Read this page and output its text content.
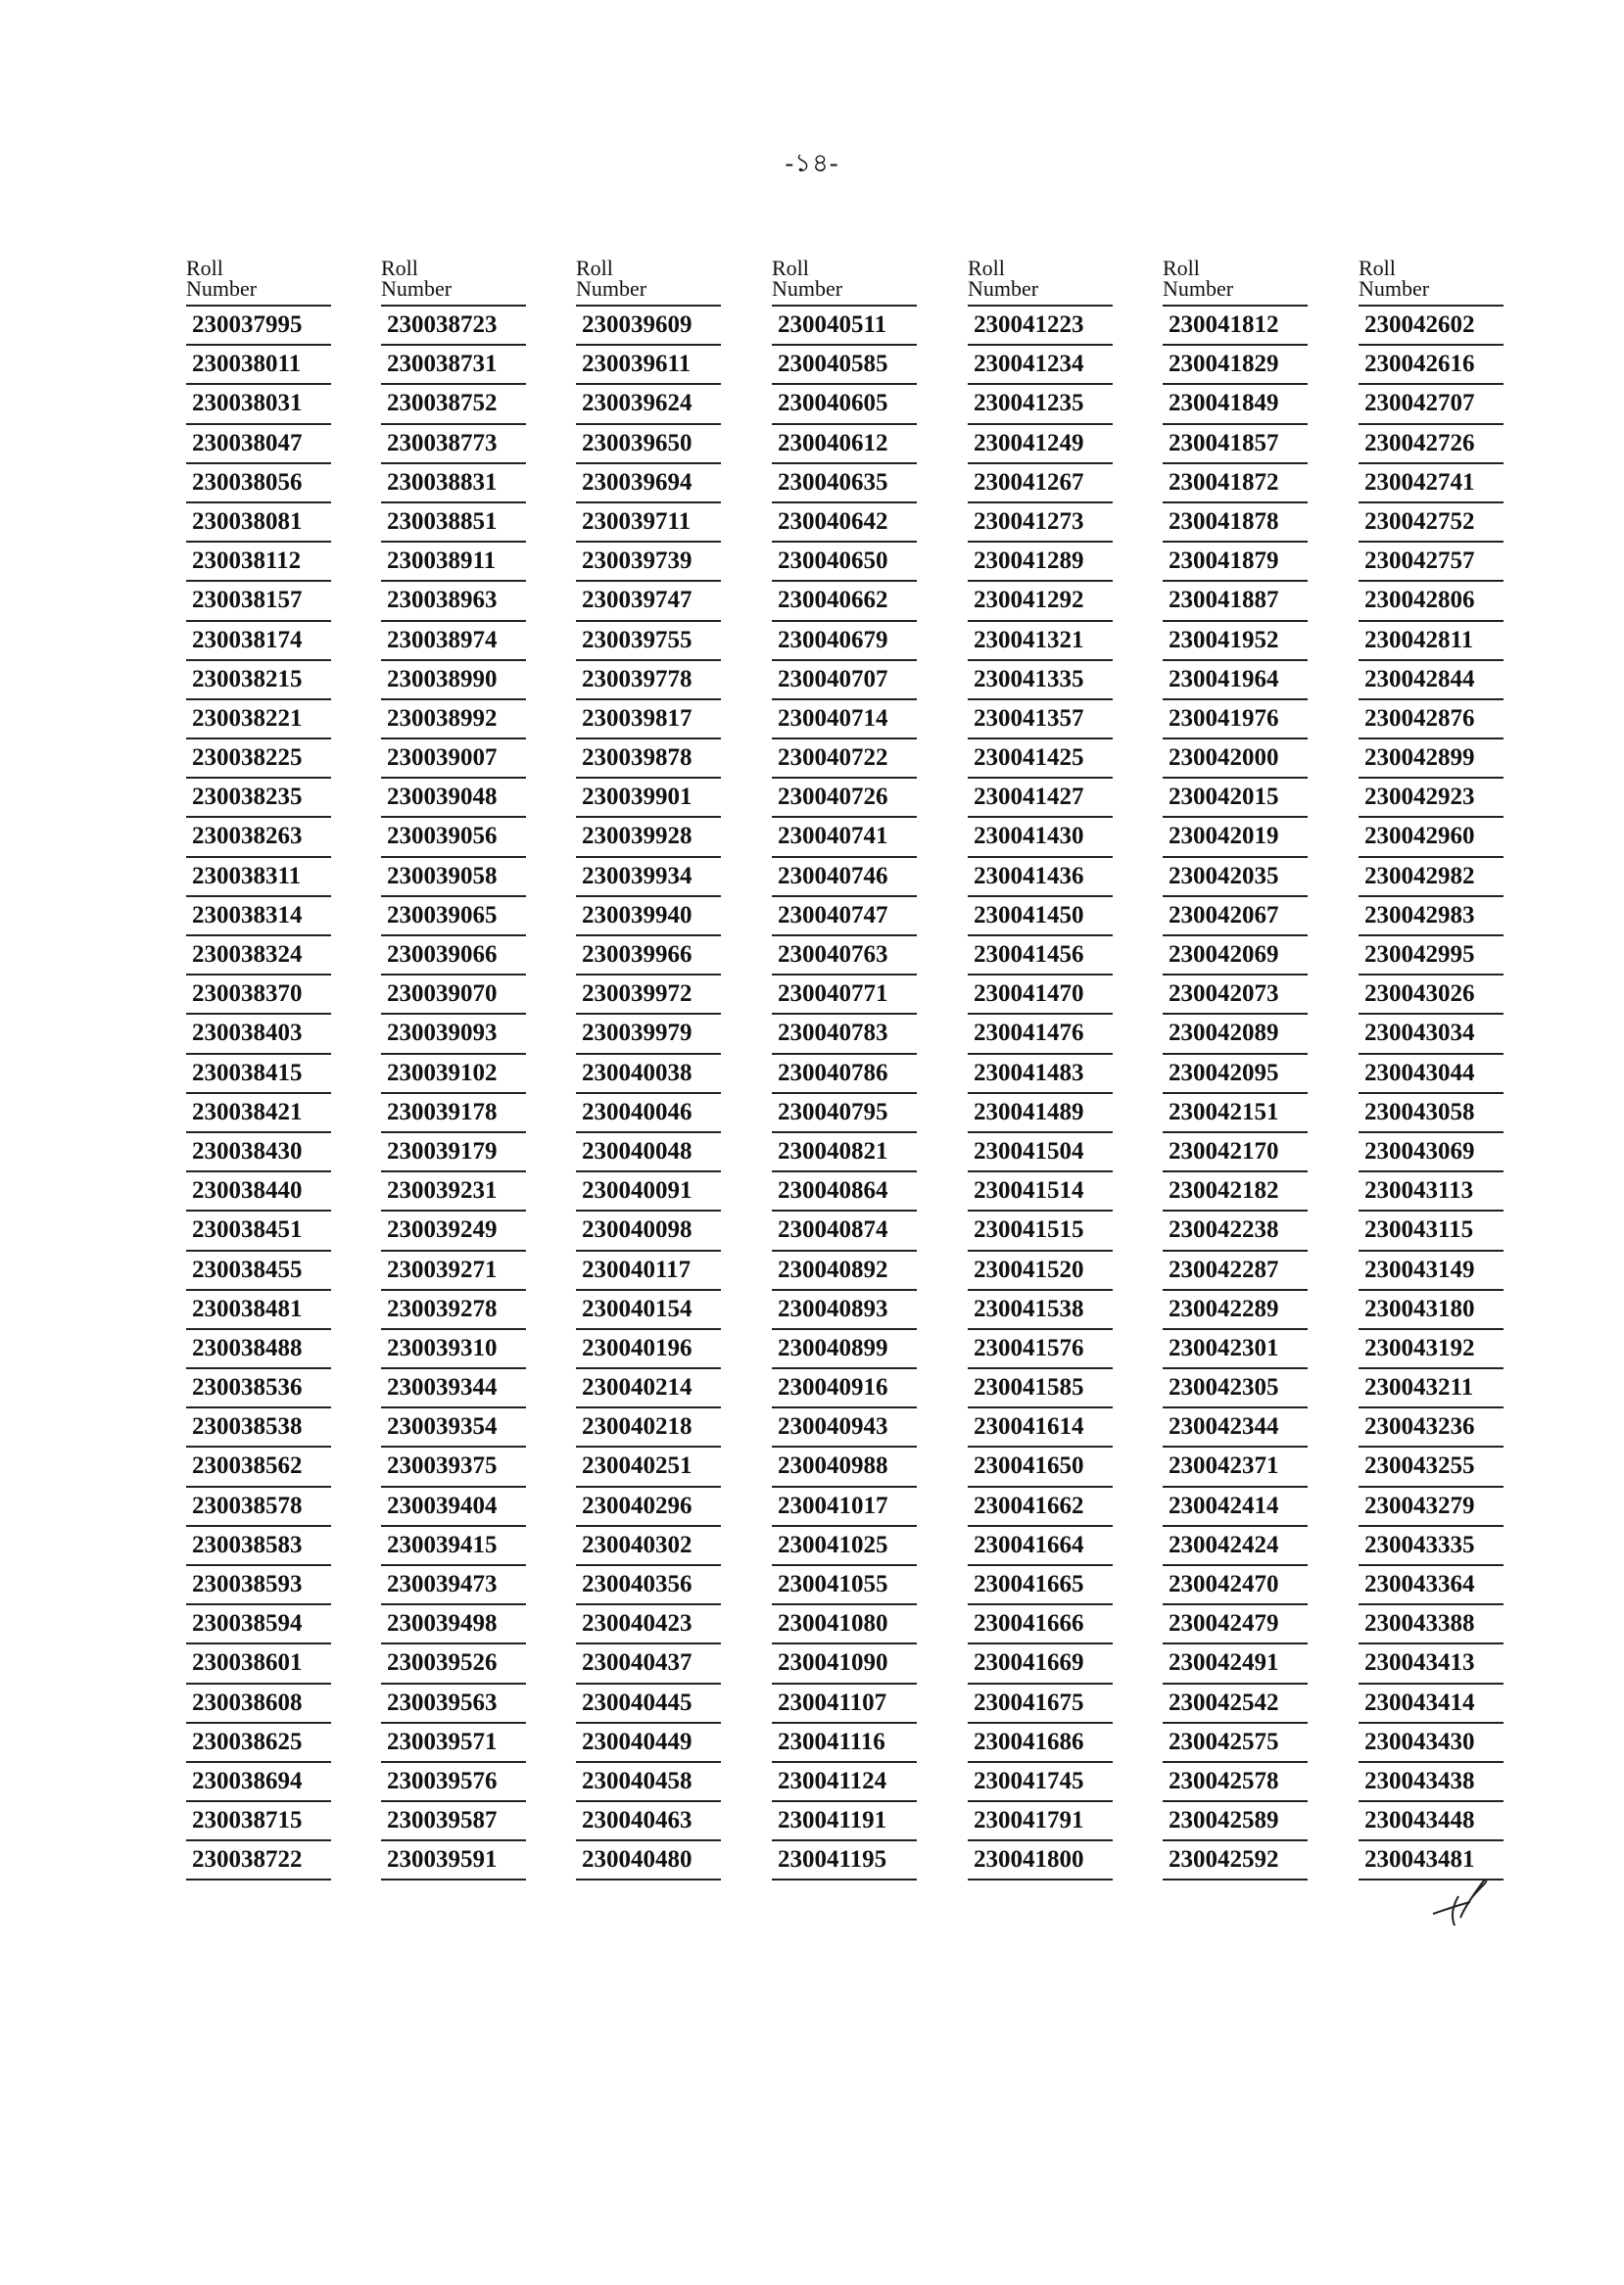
-১৪-
Roll
Number
230037995
230038011
230038031
230038047
230038056
230038081
230038112
230038157
230038174
230038215
230038221
230038225
230038235
230038263
230038311
230038314
230038324
230038370
230038403
230038415
230038421
230038430
230038440
230038451
230038455
230038481
230038488
230038536
230038538
230038562
230038578
230038583
230038593
230038594
230038601
230038608
230038625
230038694
230038715
230038722
Roll
Number
230038723
230038731
230038752
230038773
230038831
230038851
230038911
230038963
230038974
230038990
230038992
230039007
230039048
230039056
230039058
230039065
230039066
230039070
230039093
230039102
230039178
230039179
230039231
230039249
230039271
230039278
230039310
230039344
230039354
230039375
230039404
230039415
230039473
230039498
230039526
230039563
230039571
230039576
230039587
230039591
Roll
Number
230039609
230039611
230039624
230039650
230039694
230039711
230039739
230039747
230039755
230039778
230039817
230039878
230039901
230039928
230039934
230039940
230039966
230039972
230039979
230040038
230040046
230040048
230040091
230040098
230040117
230040154
230040196
230040214
230040218
230040251
230040296
230040302
230040356
230040423
230040437
230040445
230040449
230040458
230040463
230040480
Roll
Number
230040511
230040585
230040605
230040612
230040635
230040642
230040650
230040662
230040679
230040707
230040714
230040722
230040726
230040741
230040746
230040747
230040763
230040771
230040783
230040786
230040795
230040821
230040864
230040874
230040892
230040893
230040899
230040916
230040943
230040988
230041017
230041025
230041055
230041080
230041090
230041107
230041116
230041124
230041191
230041195
Roll
Number
230041223
230041234
230041235
230041249
230041267
230041273
230041289
230041292
230041321
230041335
230041357
230041425
230041427
230041430
230041436
230041450
230041456
230041470
230041476
230041483
230041489
230041504
230041514
230041515
230041520
230041538
230041576
230041585
230041614
230041650
230041662
230041664
230041665
230041666
230041669
230041675
230041686
230041745
230041791
230041800
Roll
Number
230041812
230041829
230041849
230041857
230041872
230041878
230041879
230041887
230041952
230041964
230041976
230042000
230042015
230042019
230042035
230042067
230042069
230042073
230042089
230042095
230042151
230042170
230042182
230042238
230042287
230042289
230042301
230042305
230042344
230042371
230042414
230042424
230042470
230042479
230042491
230042542
230042575
230042578
230042589
230042592
Roll
Number
230042602
230042616
230042707
230042726
230042741
230042752
230042757
230042806
230042811
230042844
230042876
230042899
230042923
230042960
230042982
230042983
230042995
230043026
230043034
230043044
230043058
230043069
230043113
230043115
230043149
230043180
230043192
230043211
230043236
230043255
230043279
230043335
230043364
230043388
230043413
230043414
230043430
230043438
230043448
230043481
